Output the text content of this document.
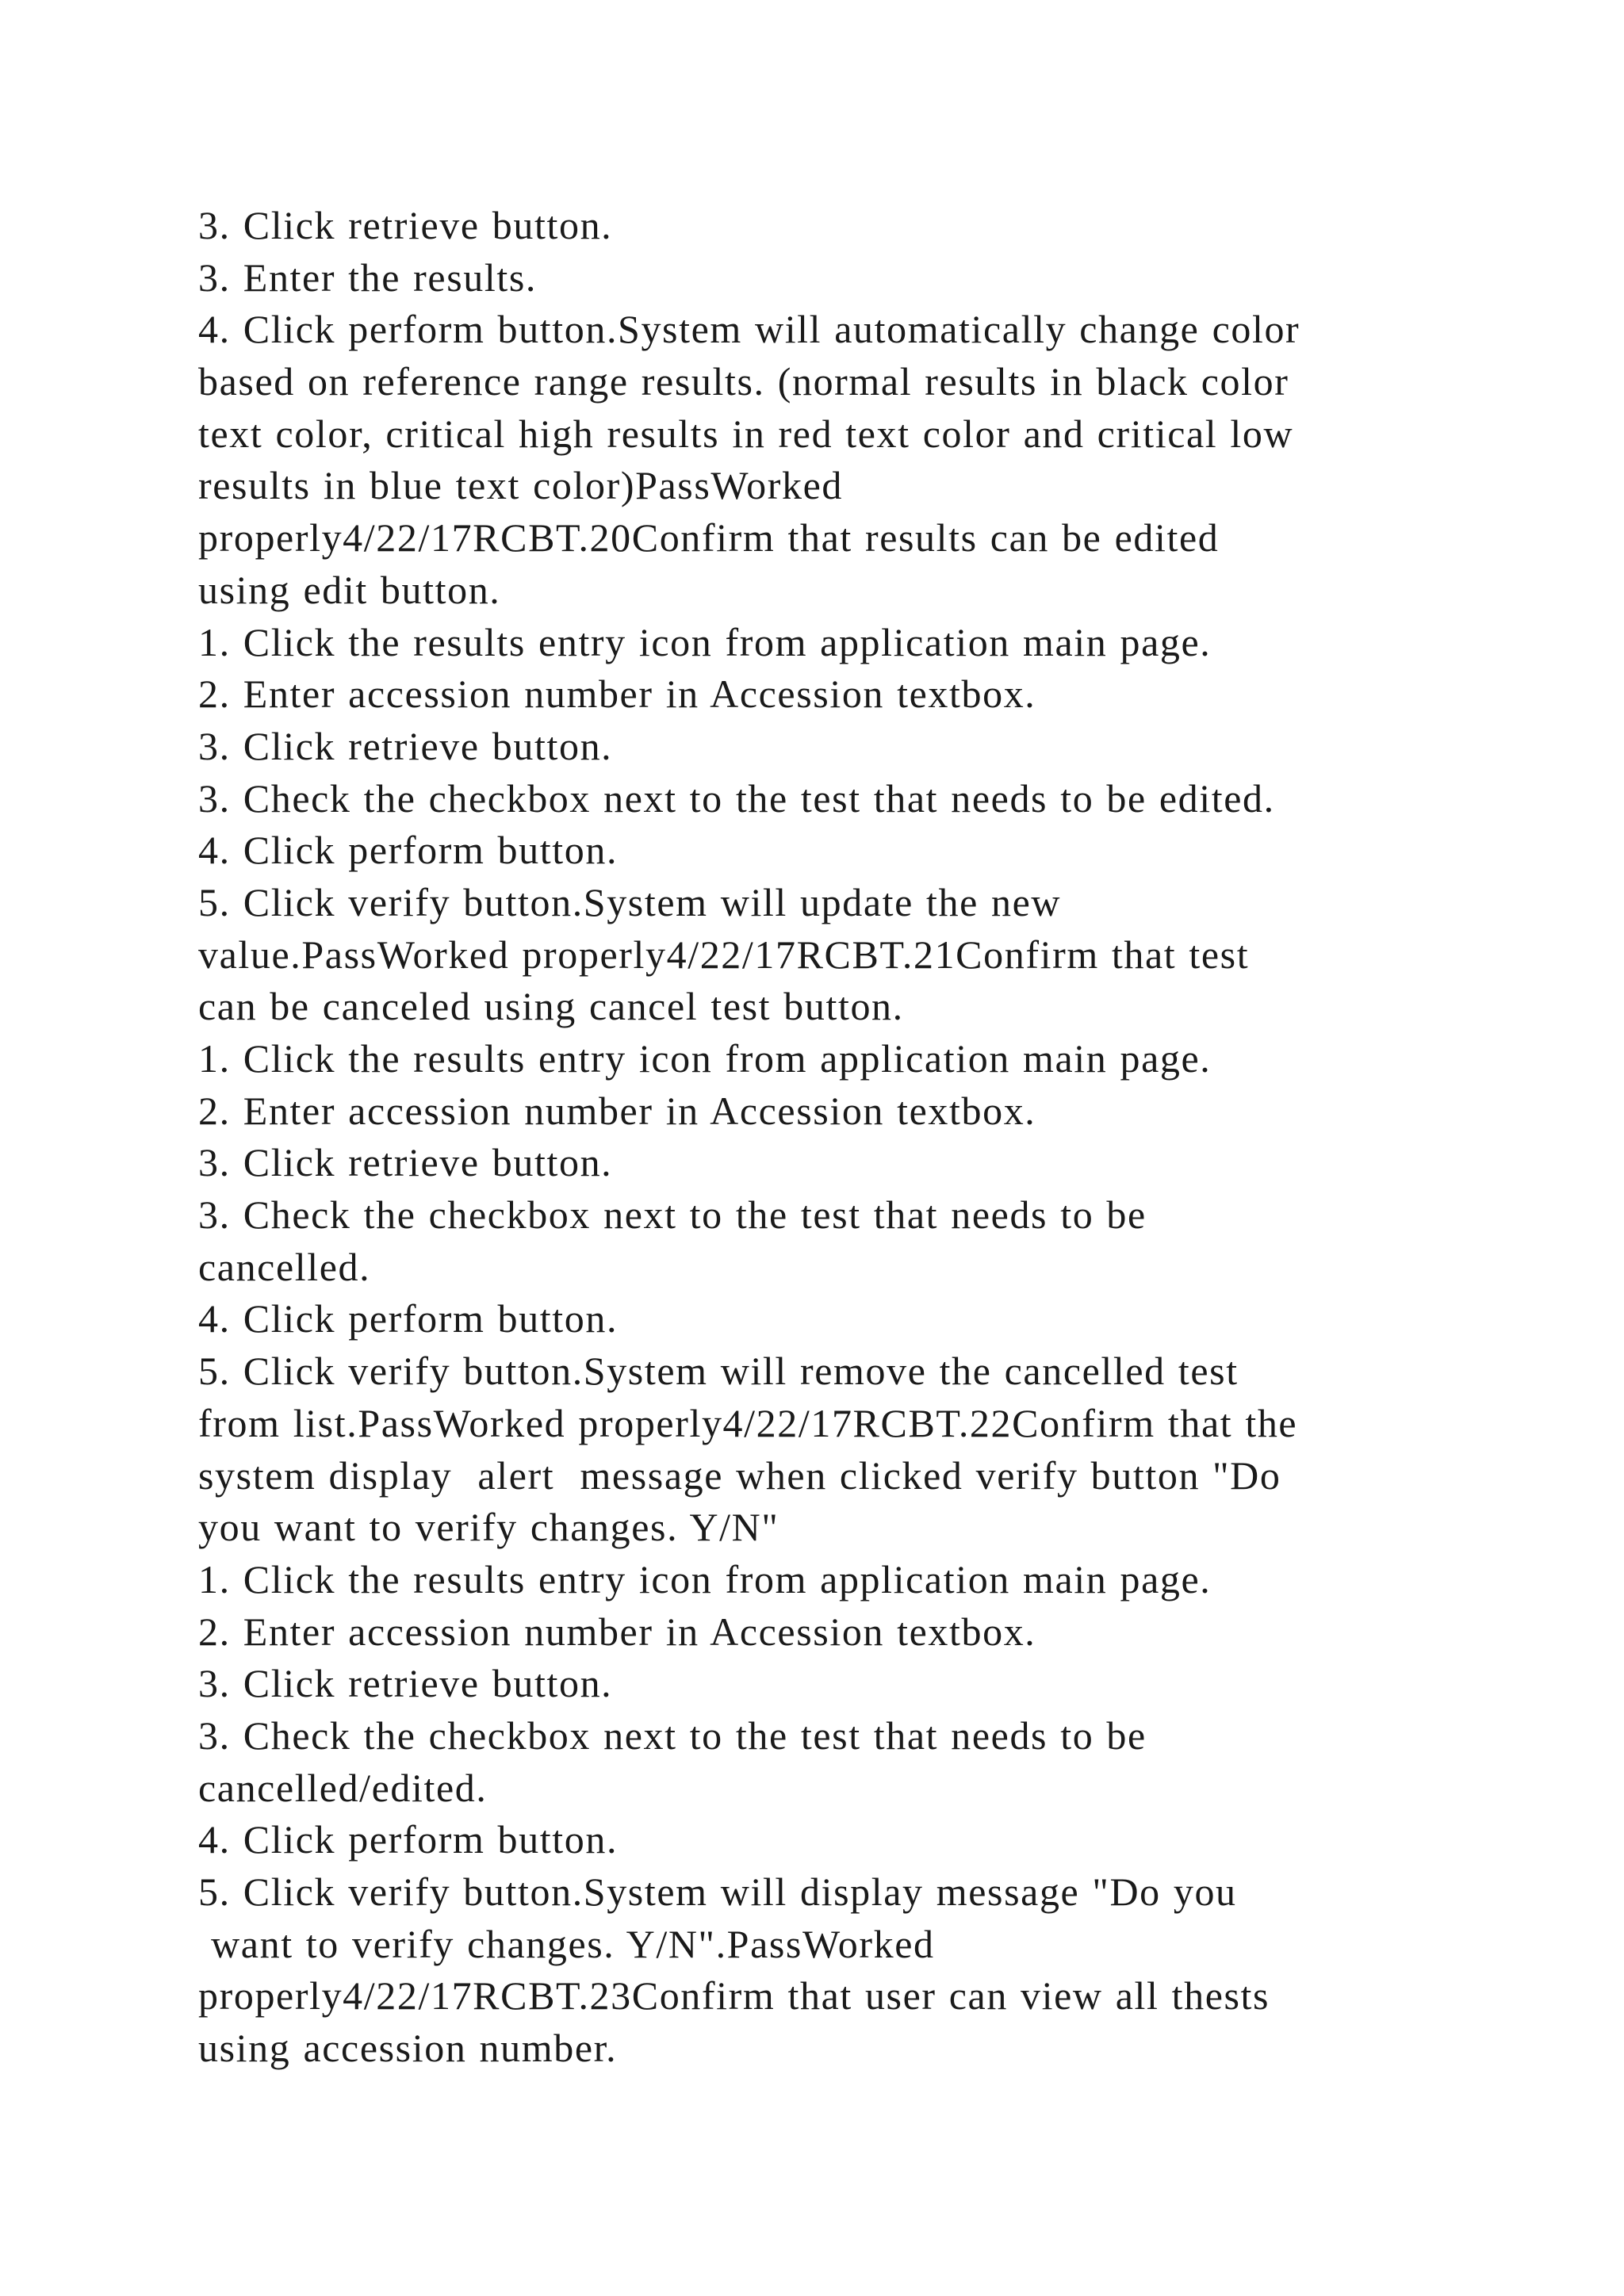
3. Click retrieve button.
3. Enter the results.
4. Click perform button.System will automatically change color
based on reference range results. (normal results in black color
text color, critical high results in red text color and critical low
results in blue text color)PassWorked
properly4/22/17RCBT.20Confirm that results can be edited
using edit button.
1. Click the results entry icon from application main page.
2. Enter accession number in Accession textbox.
3. Click retrieve button.
3. Check the checkbox next to the test that needs to be edited.
4. Click perform button.
5. Click verify button.System will update the new
value.PassWorked properly4/22/17RCBT.21Confirm that test
can be canceled using cancel test button.
1. Click the results entry icon from application main page.
2. Enter accession number in Accession textbox.
3. Click retrieve button.
3. Check the checkbox next to the test that needs to be
cancelled.
4. Click perform button.
5. Click verify button.System will remove the cancelled test
from list.PassWorked properly4/22/17RCBT.22Confirm that the
system display  alert  message when clicked verify button "Do
you want to verify changes. Y/N"
1. Click the results entry icon from application main page.
2. Enter accession number in Accession textbox.
3. Click retrieve button.
3. Check the checkbox next to the test that needs to be
cancelled/edited.
4. Click perform button.
5. Click verify button.System will display message "Do you
want to verify changes. Y/N".PassWorked
properly4/22/17RCBT.23Confirm that user can view all thests
using accession number.
